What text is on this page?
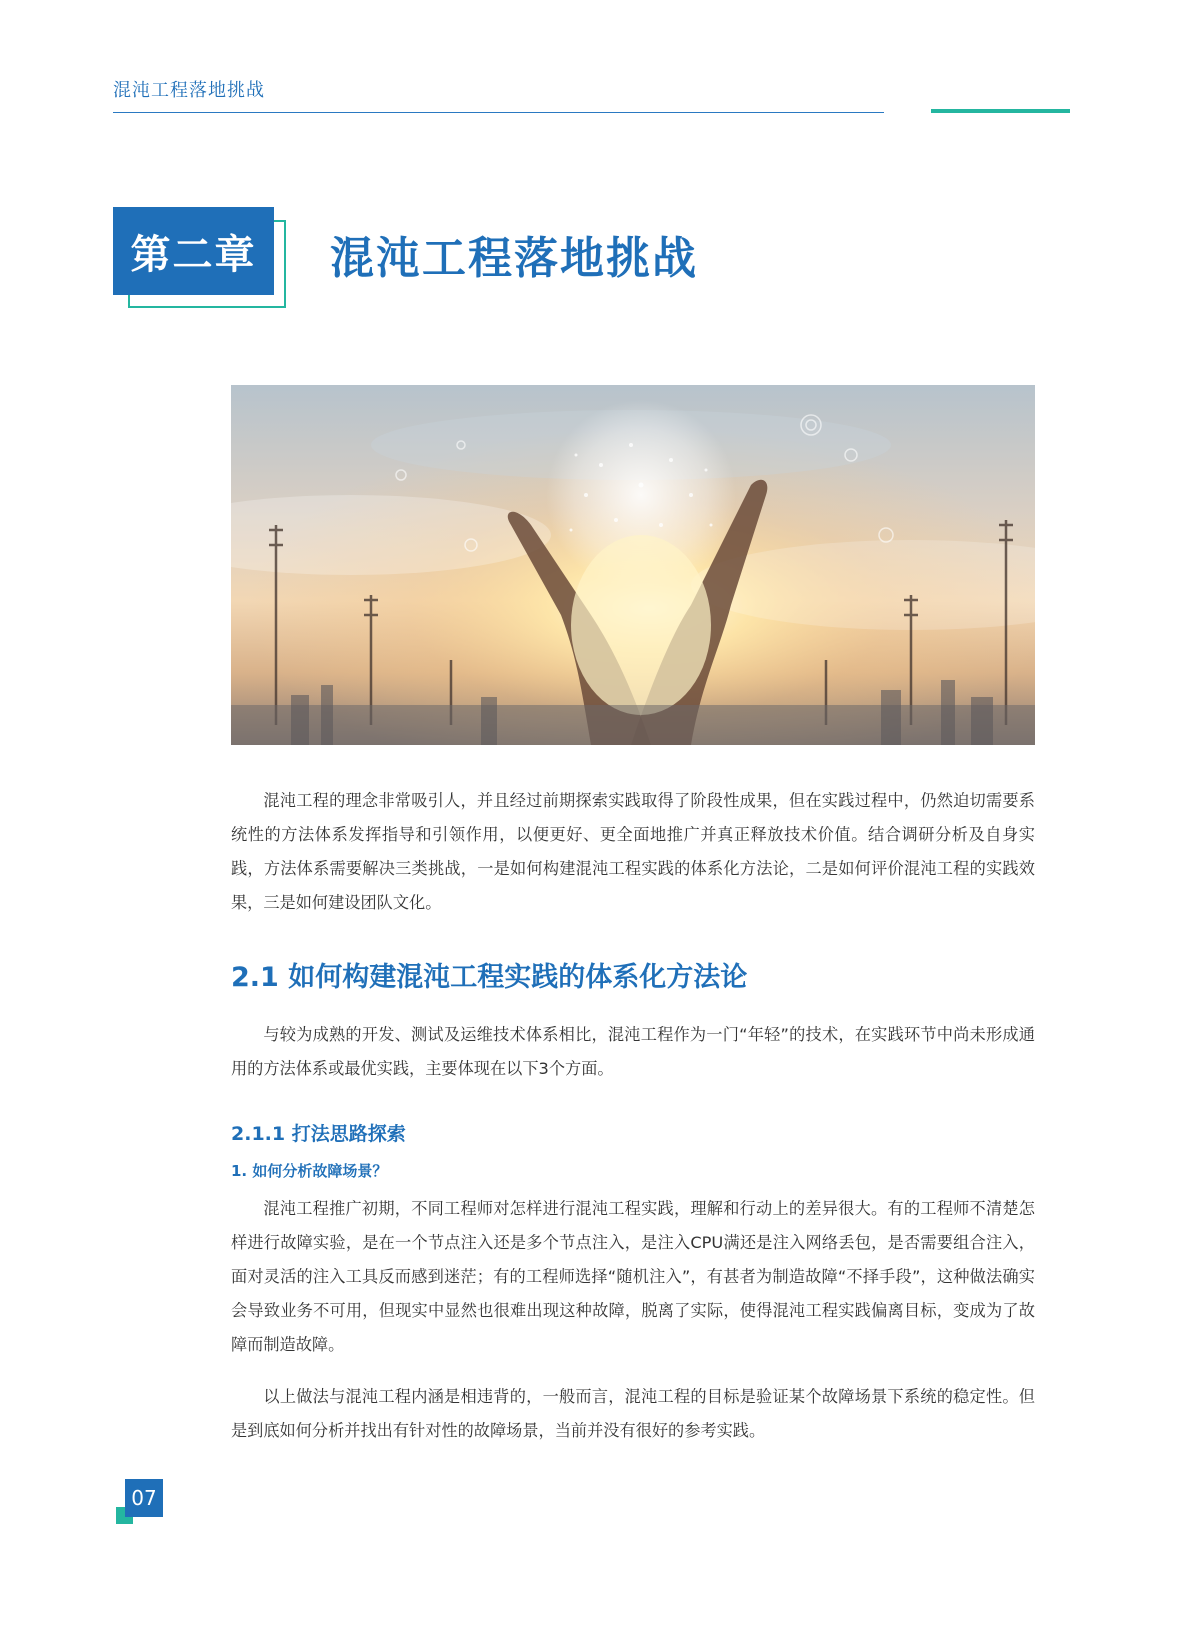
混沌工程落地挑战
第二章	混沌工程落地挑战

混沌工程的理念非常吸引人，并且经过前期探索实践取得了阶段性成果，但在实践过程中，仍然迫切需要系统性的方法体系发挥指导和引领作用，以便更好、更全面地推广并真正释放技术价值。结合调研分析及自身实践，方法体系需要解决三类挑战，一是如何构建混沌工程实践的体系化方法论，二是如何评价混沌工程的实践效果，三是如何建设团队文化。

2.1 如何构建混沌工程实践的体系化方法论

与较为成熟的开发、测试及运维技术体系相比，混沌工程作为一门“年轻”的技术，在实践环节中尚未形成通用的方法体系或最优实践，主要体现在以下3个方面。

2.1.1 打法思路探索
1. 如何分析故障场景？

混沌工程推广初期，不同工程师对怎样进行混沌工程实践，理解和行动上的差异很大。有的工程师不清楚怎样进行故障实验，是在一个节点注入还是多个节点注入，是注入CPU满还是注入网络丢包，是否需要组合注入，面对灵活的注入工具反而感到迷茫；有的工程师选择“随机注入”，有甚者为制造故障“不择手段”，这种做法确实会导致业务不可用，但现实中显然也很难出现这种故障，脱离了实际，使得混沌工程实践偏离目标，变成为了故障而制造故障。

以上做法与混沌工程内涵是相违背的，一般而言，混沌工程的目标是验证某个故障场景下系统的稳定性。但是到底如何分析并找出有针对性的故障场景，当前并没有很好的参考实践。

07
